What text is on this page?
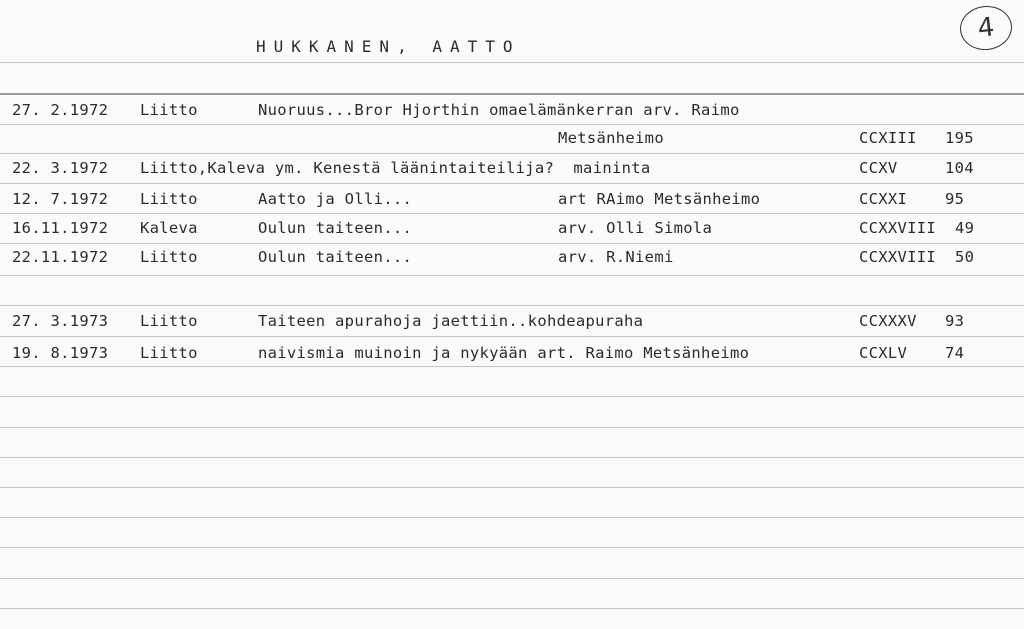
HUKKANEN, AATTO
4
27. 2.1972 Liitto	Nuoruus...Bror Hjorthin omaelämänkerran arv. Raimo
Metsänheimo	CCXIII 195
22. 3.1972 Liitto,Kaleva ym. Kenestä läänintaiteilija?  maininta	CCXV	104
12. 7.1972 Liitto	Aatto ja Olli...	art RAimo Metsänheimo	CCXXI 95
16.11.1972 Kaleva	Oulun taiteen...	arv. Olli Simola	CCXXVIII 49
22.11.1972 Liitto	Oulun taiteen...	arv. R.Niemi	CCXXVIII 50
27. 3.1973 Liitto	Taiteen apurahoja jaettiin..kohdeapuraha	CCXXXV 93
19. 8.1973 Liitto	naivismia muinoin ja nykyään art. Raimo Metsänheimo	CCXLV 74
